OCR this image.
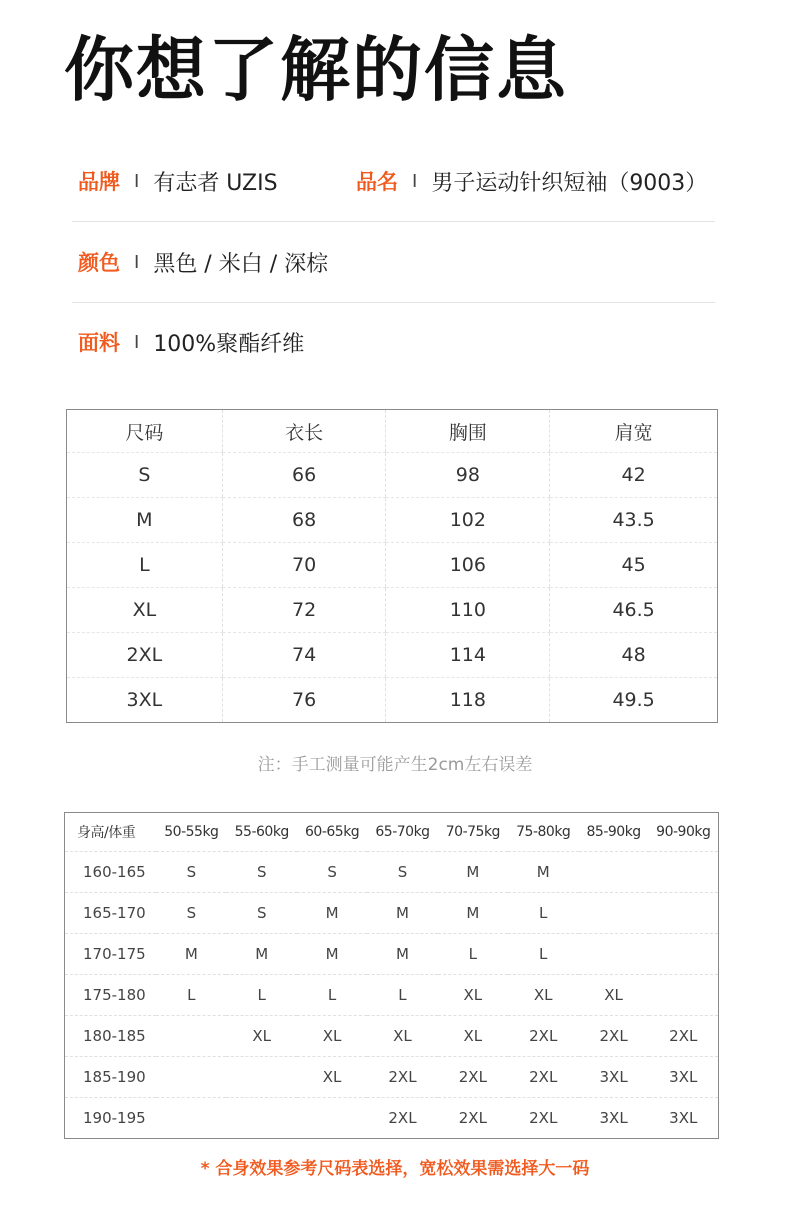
你想了解的信息
品牌 I 有志者 UZIS	品名 I 男子运动针织短袖（9003）
颜色 I 黑色 / 米白 / 深棕
面料 I 100%聚酯纤维
尺码	衣长	胸围	肩宽
S	66	98	42
M	68	102	43.5
L	70	106	45
XL	72	110	46.5
2XL	74	114	48
3XL	76	118	49.5
注：手工测量可能产生2cm左右误差
身高/体重	50-55kg	55-60kg	60-65kg	65-70kg	70-75kg	75-80kg	85-90kg	90-90kg
160-165	S	S	S	S	M	M		
165-170	S	S	M	M	M	L		
170-175	M	M	M	M	L	L		
175-180	L	L	L	L	XL	XL	XL	
180-185		XL	XL	XL	XL	2XL	2XL	2XL
185-190			XL	2XL	2XL	2XL	3XL	3XL
190-195				2XL	2XL	2XL	3XL	3XL
* 合身效果参考尺码表选择，宽松效果需选择大一码
